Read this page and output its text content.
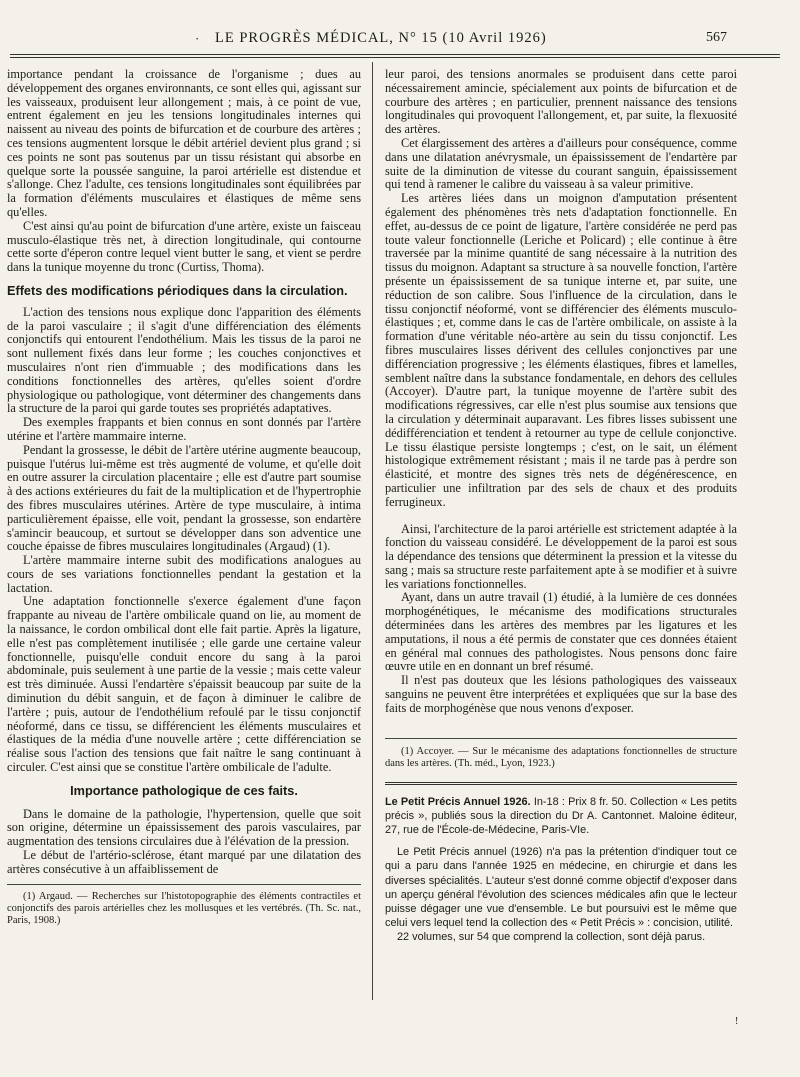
· LE PROGRÈS MÉDICAL, N° 15 (10 Avril 1926)	567

importance pendant la croissance de l'organisme ; dues au développement des organes environnants, ce sont elles qui, agissant sur les vaisseaux, produisent leur allongement ; mais, à ce point de vue, entrent également en jeu les tensions longitudinales internes qui naissent au niveau des points de bifurcation et de courbure des artères ; ces tensions augmentent lorsque le débit artériel devient plus grand ; si ces points ne sont pas soutenus par un tissu résistant qui absorbe en quelque sorte la poussée sanguine, la paroi artérielle est distendue et s'allonge. Chez l'adulte, ces tensions longitudinales sont équilibrées par la formation d'éléments musculaires et élastiques de même sens qu'elles.

C'est ainsi qu'au point de bifurcation d'une artère, existe un faisceau musculo-élastique très net, à direction longitudinale, qui contourne cette sorte d'éperon contre lequel vient butter le sang, et vient se perdre dans la tunique moyenne du tronc (Curtiss, Thoma).

Effets des modifications périodiques dans la circulation.

L'action des tensions nous explique donc l'apparition des éléments de la paroi vasculaire ; il s'agit d'une différenciation des éléments conjonctifs qui entourent l'endothélium. Mais les tissus de la paroi ne sont nullement fixés dans leur forme ; les couches conjonctives et musculaires n'ont rien d'immuable ; des modifications dans les conditions fonctionnelles des artères, qu'elles soient d'ordre physiologique ou pathologique, vont déterminer des changements dans la structure de la paroi qui garde toutes ses propriétés adaptatives.

Des exemples frappants et bien connus en sont donnés par l'artère utérine et l'artère mammaire interne.

Pendant la grossesse, le débit de l'artère utérine augmente beaucoup, puisque l'utérus lui-même est très augmenté de volume, et qu'elle doit en outre assurer la circulation placentaire ; elle est d'autre part soumise à des actions extérieures du fait de la multiplication et de l'hypertrophie des fibres musculaires utérines. Artère de type musculaire, à intima particulièrement épaisse, elle voit, pendant la grossesse, son endartère s'amincir beaucoup, et surtout se développer dans son adventice une couche épaisse de fibres musculaires longitudinales (Argaud) (1).

L'artère mammaire interne subit des modifications analogues au cours de ses variations fonctionnelles pendant la gestation et la lactation.

Une adaptation fonctionnelle s'exerce également d'une façon frappante au niveau de l'artère ombilicale quand on lie, au moment de la naissance, le cordon ombilical dont elle fait partie. Après la ligature, elle n'est pas complètement inutilisée ; elle garde une certaine valeur fonctionnelle, puisqu'elle conduit encore du sang à la paroi abdominale, puis seulement à une partie de la vessie ; mais cette valeur est très diminuée. Aussi l'endartère s'épaissit beaucoup par suite de la diminution du débit sanguin, et de façon à diminuer le calibre de l'artère ; puis, autour de l'endothélium refoulé par le tissu conjonctif néoformé, dans ce tissu, se différencient les éléments musculaires et élastiques de la média d'une nouvelle artère ; cette différenciation se réalise sous l'action des tensions que fait naître le sang continuant à circuler. C'est ainsi que se constitue l'artère ombilicale de l'adulte.

Importance pathologique de ces faits.

Dans le domaine de la pathologie, l'hypertension, quelle que soit son origine, détermine un épaississement des parois vasculaires, par augmentation des tensions circulaires due à l'élévation de la pression.

Le début de l'artério-sclérose, étant marqué par une dilatation des artères consécutive à un affaiblissement de

(1) Argaud. — Recherches sur l'histotopographie des éléments contractiles et conjonctifs des parois artérielles chez les mollusques et les vertébrés. (Th. Sc. nat., Paris, 1908.)

leur paroi, des tensions anormales se produisent dans cette paroi nécessairement amincie, spécialement aux points de bifurcation et de courbure des artères ; en particulier, prennent naissance des tensions longitudinales qui provoquent l'allongement, et, par suite, la flexuosité des artères.

Cet élargissement des artères a d'ailleurs pour conséquence, comme dans une dilatation anévrysmale, un épaississement de l'endartère par suite de la diminution de vitesse du courant sanguin, épaississement qui tend à ramener le calibre du vaisseau à sa valeur primitive.

Les artères liées dans un moignon d'amputation présentent également des phénomènes très nets d'adaptation fonctionnelle. En effet, au-dessus de ce point de ligature, l'artère considérée ne perd pas toute valeur fonctionnelle (Leriche et Policard) ; elle continue à être traversée par la minime quantité de sang nécessaire à la nutrition des tissus du moignon. Adaptant sa structure à sa nouvelle fonction, l'artère présente un épaississement de sa tunique interne et, par suite, une réduction de son calibre. Sous l'influence de la circulation, dans le tissu conjonctif néoformé, vont se différencier des éléments musculo-élastiques ; et, comme dans le cas de l'artère ombilicale, on assiste à la formation d'une véritable néo-artère au sein du tissu conjonctif. Les fibres musculaires lisses dérivent des cellules conjonctives par une différenciation progressive ; les éléments élastiques, fibres et lamelles, semblent naître dans la substance fondamentale, en dehors des cellules (Accoyer). D'autre part, la tunique moyenne de l'artère subit des modifications régressives, car elle n'est plus soumise aux tensions que la circulation y déterminait auparavant. Les fibres lisses subissent une dédifférenciation et tendent à retourner au type de cellule conjonctive. Le tissu élastique persiste longtemps ; c'est, on le sait, un élément histologique extrêmement résistant ; mais il ne tarde pas à perdre son élasticité, et montre des signes très nets de dégénérescence, en particulier une infiltration par des sels de chaux et des produits ferrugineux.

Ainsi, l'architecture de la paroi artérielle est strictement adaptée à la fonction du vaisseau considéré. Le développement de la paroi est sous la dépendance des tensions que déterminent la pression et la vitesse du sang ; mais sa structure reste parfaitement apte à se modifier et à suivre les variations fonctionnelles.

Ayant, dans un autre travail (1) étudié, à la lumière de ces données morphogénétiques, le mécanisme des modifications structurales déterminées dans les artères des membres par les ligatures et les amputations, il nous a été permis de constater que ces données étaient en général mal connues des pathologistes. Nous pensons donc faire œuvre utile en en donnant un bref résumé.

Il n'est pas douteux que les lésions pathologiques des vaisseaux sanguins ne peuvent être interprétées et expliquées que sur la base des faits de morphogénèse que nous venons d'exposer.

(1) Accoyer. — Sur le mécanisme des adaptations fonctionnelles de structure dans les artères. (Th. méd., Lyon, 1923.)

Le Petit Précis Annuel 1926. In-18 : Prix 8 fr. 50. Collection « Les petits précis », publiés sous la direction du Dr A. Cantonnet. Maloine éditeur, 27, rue de l'École-de-Médecine, Paris-VIe.

Le Petit Précis annuel (1926) n'a pas la prétention d'indiquer tout ce qui a paru dans l'année 1925 en médecine, en chirurgie et dans les diverses spécialités. L'auteur s'est donné comme objectif d'exposer dans un aperçu général l'évolution des sciences médicales afin que le lecteur puisse dégager une vue d'ensemble. Le but poursuivi est le même que celui vers lequel tend la collection des « Petit Précis » : concision, utilité.

22 volumes, sur 54 que comprend la collection, sont déjà parus.

!
